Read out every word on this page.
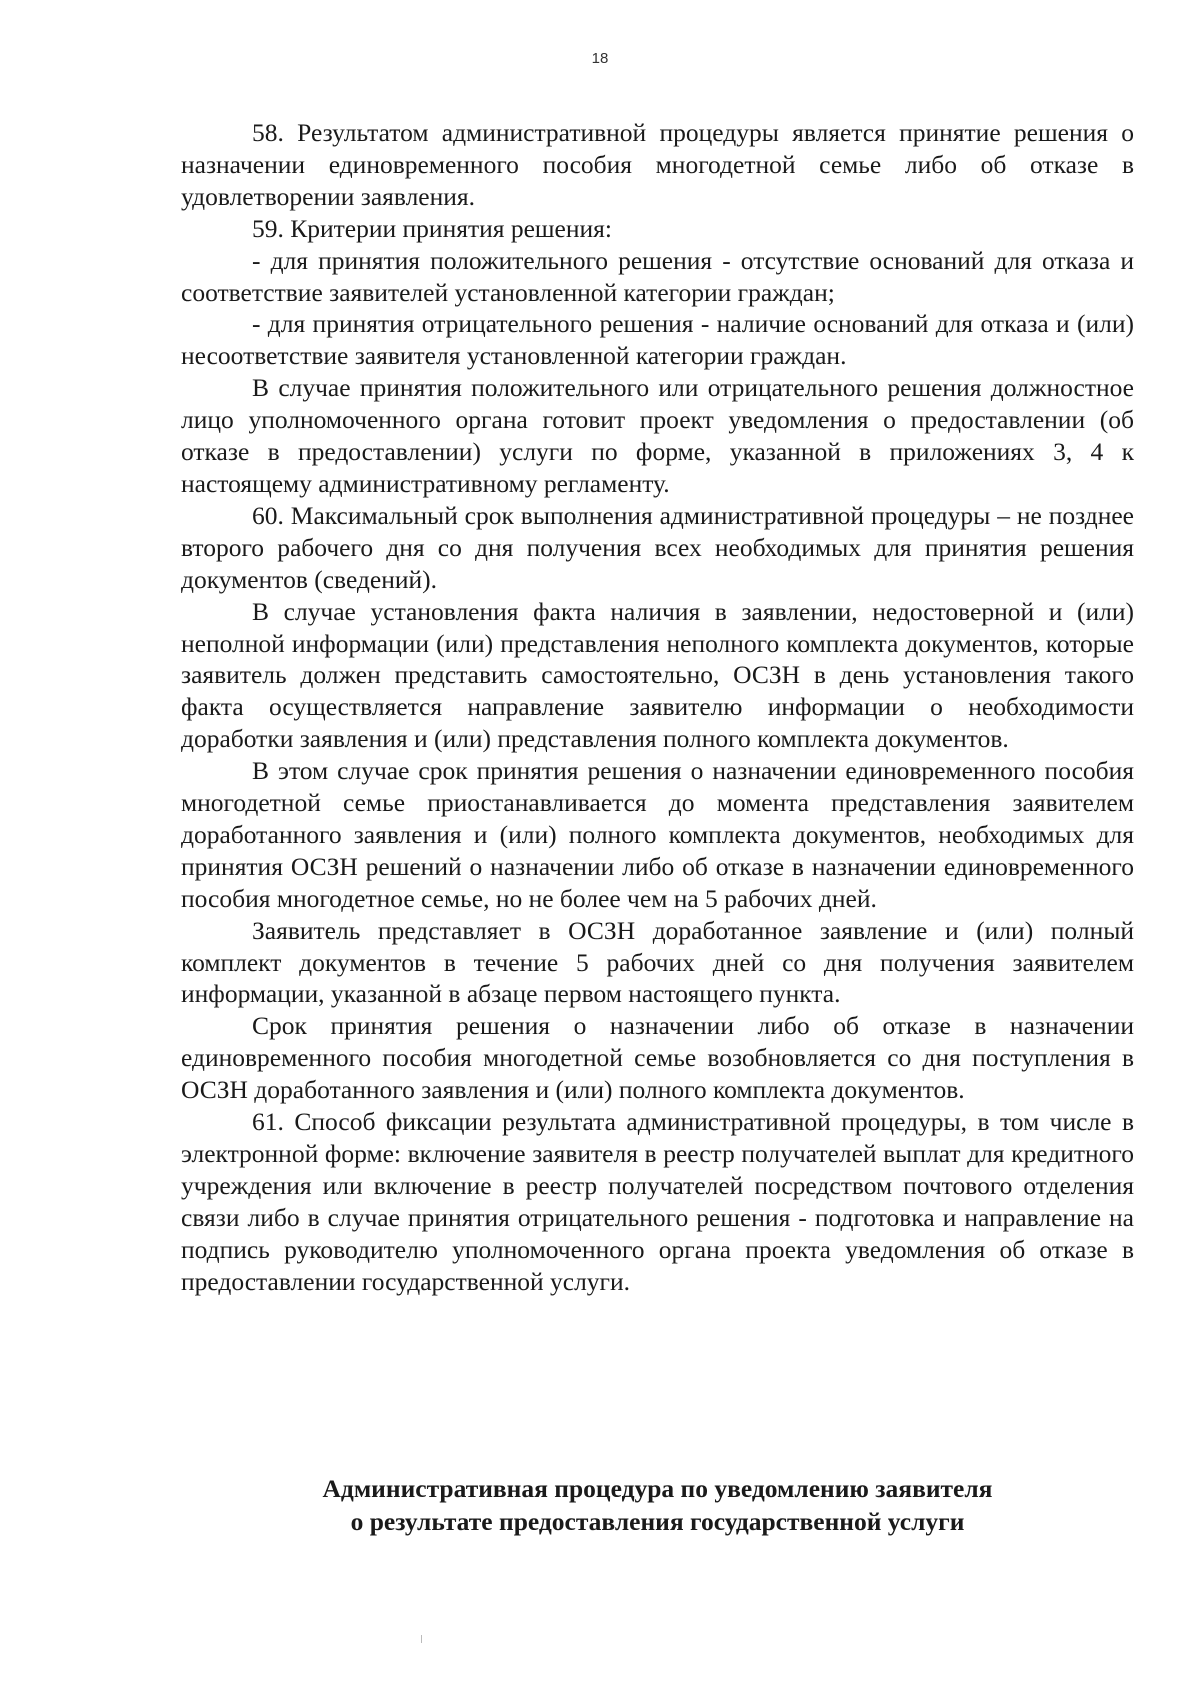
18

58. Результатом административной процедуры является принятие решения о назначении единовременного пособия многодетной семье либо об отказе в удовлетворении заявления.

59. Критерии принятия решения:

- для принятия положительного решения - отсутствие оснований для отказа и соответствие заявителей установленной категории граждан;

- для принятия отрицательного решения - наличие оснований для отказа и (или) несоответствие заявителя установленной категории граждан.

В случае принятия положительного или отрицательного решения должностное лицо уполномоченного органа готовит проект уведомления о предоставлении (об отказе в предоставлении) услуги по форме, указанной в приложениях 3, 4 к настоящему административному регламенту.

60. Максимальный срок выполнения административной процедуры – не позднее второго рабочего дня со дня получения всех необходимых для принятия решения документов (сведений).

В случае установления факта наличия в заявлении, недостоверной и (или) неполной информации (или) представления неполного комплекта документов, которые заявитель должен представить самостоятельно, ОСЗН в день установления такого факта осуществляется направление заявителю информации о необходимости доработки заявления и (или) представления полного комплекта документов.

В этом случае срок принятия решения о назначении единовременного пособия многодетной семье приостанавливается до момента представления заявителем доработанного заявления и (или) полного комплекта документов, необходимых для принятия ОСЗН решений о назначении либо об отказе в назначении единовременного пособия многодетное семье, но не более чем на 5 рабочих дней.

Заявитель представляет в ОСЗН доработанное заявление и (или) полный комплект документов в течение 5 рабочих дней со дня получения заявителем информации, указанной в абзаце первом настоящего пункта.

Срок принятия решения о назначении либо об отказе в назначении единовременного пособия многодетной семье возобновляется со дня поступления в ОСЗН доработанного заявления и (или) полного комплекта документов.

61. Способ фиксации результата административной процедуры, в том числе в электронной форме: включение заявителя в реестр получателей выплат для кредитного учреждения или включение в реестр получателей посредством почтового отделения связи либо в случае принятия отрицательного решения - подготовка и направление на подпись руководителю уполномоченного органа проекта уведомления об отказе в предоставлении государственной услуги.

Административная процедура по уведомлению заявителя
о результате предоставления государственной услуги
